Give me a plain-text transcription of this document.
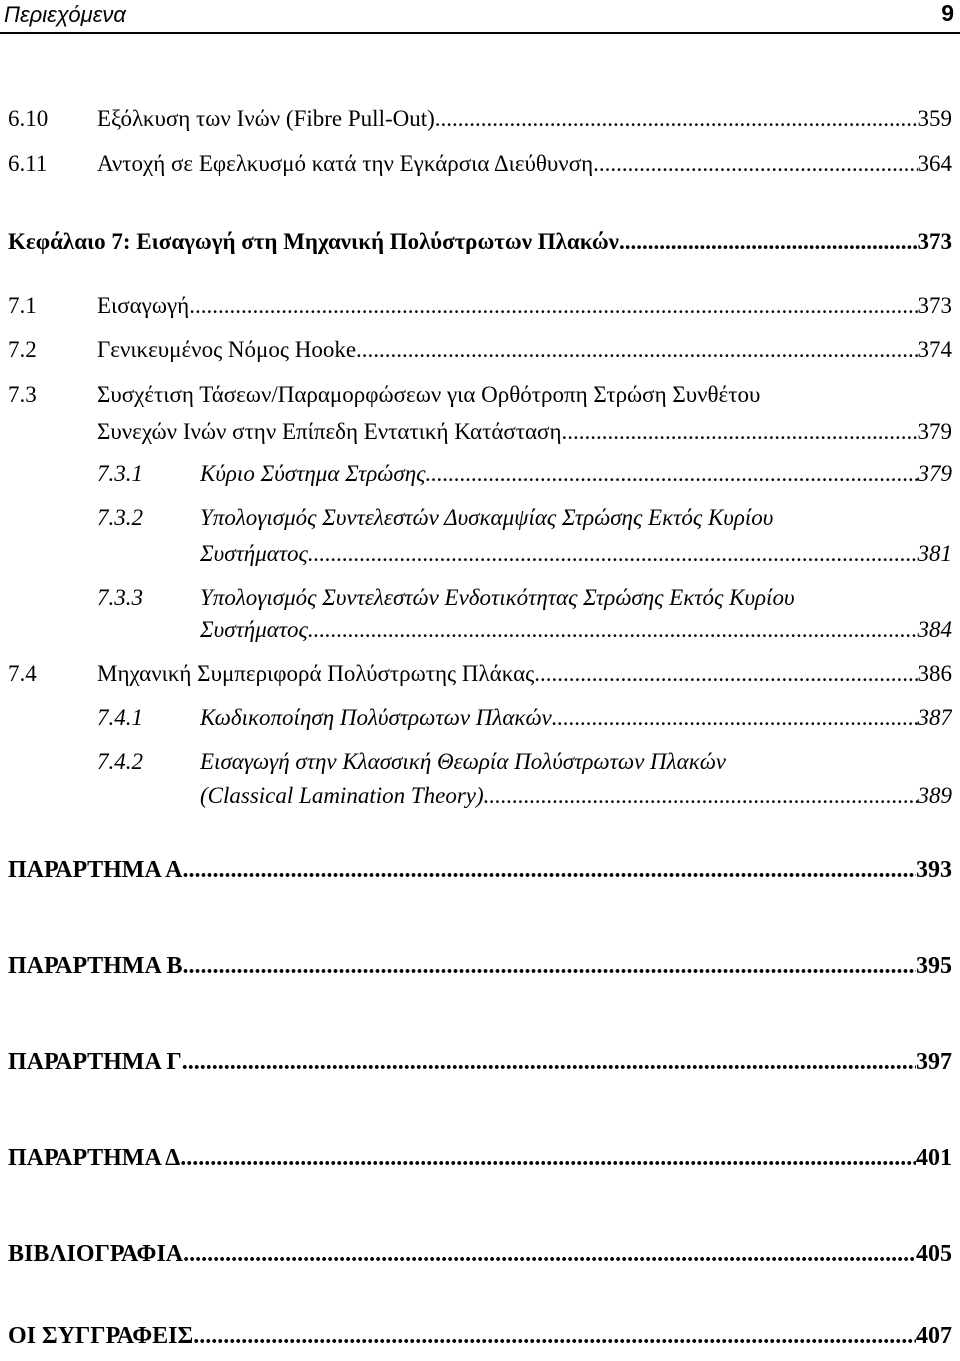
Περιεχόμενα	9
6.10 Εξόλκυση των Ινών (Fibre Pull-Out) .....	359
6.11 Αντοχή σε Εφελκυσμό κατά την Εγκάρσια Διεύθυνση .....	364
Κεφάλαιο 7: Εισαγωγή στη Μηχανική Πολύστρωτων Πλακών .....	373
7.1	Εισαγωγή .....	373
7.2	Γενικευμένος Νόμος Hooke .....	374
7.3	Συσχέτιση Τάσεων/Παραμορφώσεων για Ορθότροπη Στρώση Συνθέτου
Συνεχών Ινών στην Επίπεδη Εντατική Κατάσταση .....	379
7.3.1 Κύριο Σύστημα Στρώσης .....	379
7.3.2 Υπολογισμός Συντελεστών Δυσκαμψίας Στρώσης Εκτός Κυρίου
Συστήματος .....	381
7.3.3 Υπολογισμός Συντελεστών Ενδοτικότητας Στρώσης Εκτός Κυρίου
Συστήματος .....	384
7.4	Μηχανική Συμπεριφορά Πολύστρωτης Πλάκας .....	386
7.4.1 Κωδικοποίηση Πολύστρωτων Πλακών .....	387
7.4.2 Εισαγωγή στην Κλασσική Θεωρία Πολύστρωτων Πλακών
(Classical Lamination Theory) .....	389
ΠΑΡΑΡΤΗΜΑ Α .....	393
ΠΑΡΑΡΤΗΜΑ Β .....	395
ΠΑΡΑΡΤΗΜΑ Γ .....	397
ΠΑΡΑΡΤΗΜΑ Δ .....	401
ΒΙΒΛΙΟΓΡΑΦΙΑ .....	405
ΟΙ ΣΥΓΓΡΑΦΕΙΣ .....	407
